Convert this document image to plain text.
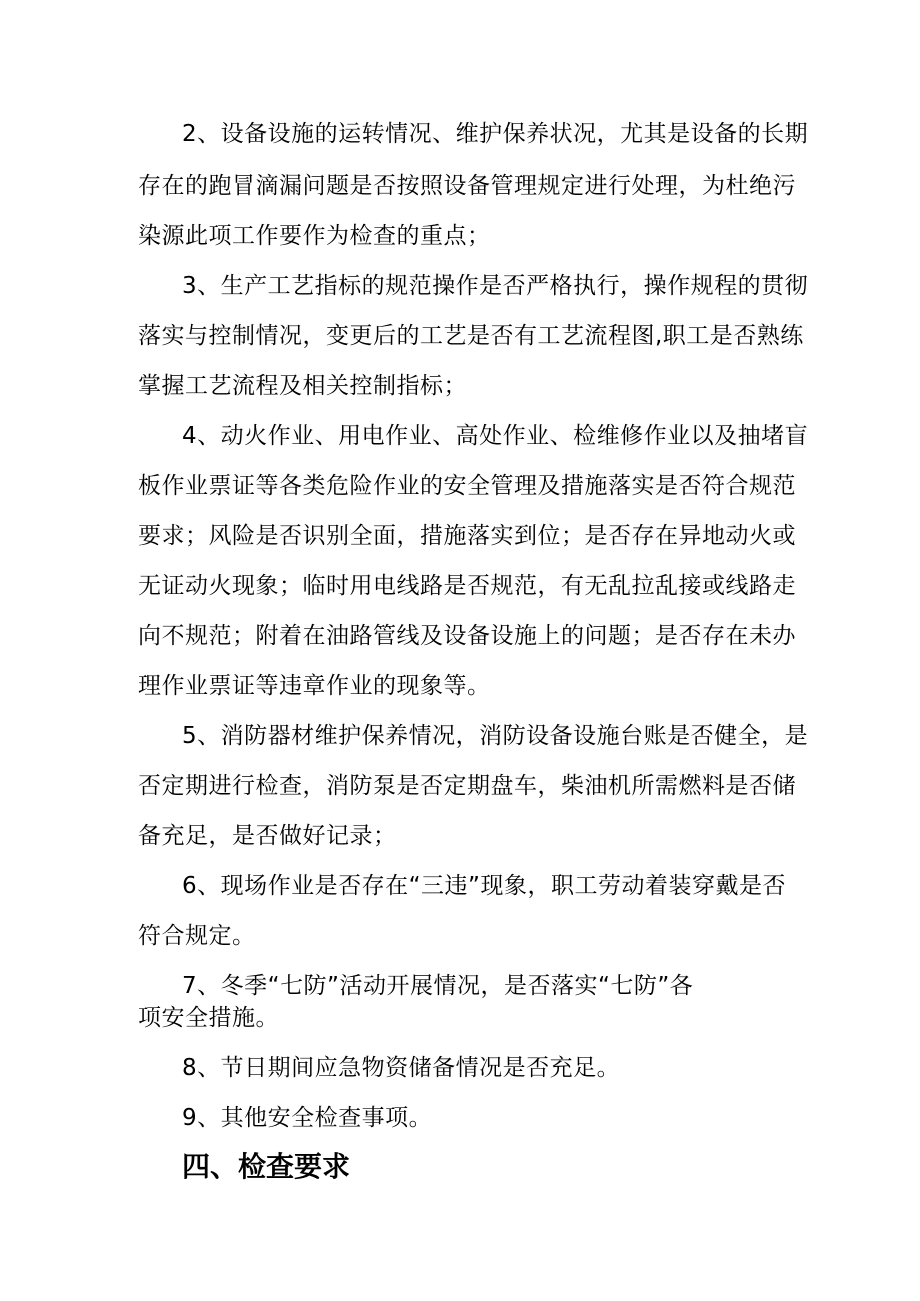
2、设备设施的运转情况、维护保养状况，尤其是设备的长期
存在的跑冒滴漏问题是否按照设备管理规定进行处理，为杜绝污
染源此项工作要作为检查的重点；
3、生产工艺指标的规范操作是否严格执行，操作规程的贯彻
落实与控制情况，变更后的工艺是否有工艺流程图,职工是否熟练
掌握工艺流程及相关控制指标；
4、动火作业、用电作业、高处作业、检维修作业以及抽堵盲
板作业票证等各类危险作业的安全管理及措施落实是否符合规范
要求；风险是否识别全面，措施落实到位；是否存在异地动火或
无证动火现象；临时用电线路是否规范，有无乱拉乱接或线路走
向不规范；附着在油路管线及设备设施上的问题；是否存在未办
理作业票证等违章作业的现象等。
5、消防器材维护保养情况，消防设备设施台账是否健全，是
否定期进行检查，消防泵是否定期盘车，柴油机所需燃料是否储
备充足，是否做好记录；
6、现场作业是否存在“三违”现象，职工劳动着装穿戴是否
符合规定。
7、冬季“七防”活动开展情况，是否落实“七防”各
项安全措施。
8、节日期间应急物资储备情况是否充足。
9、其他安全检查事项。
四、检查要求
